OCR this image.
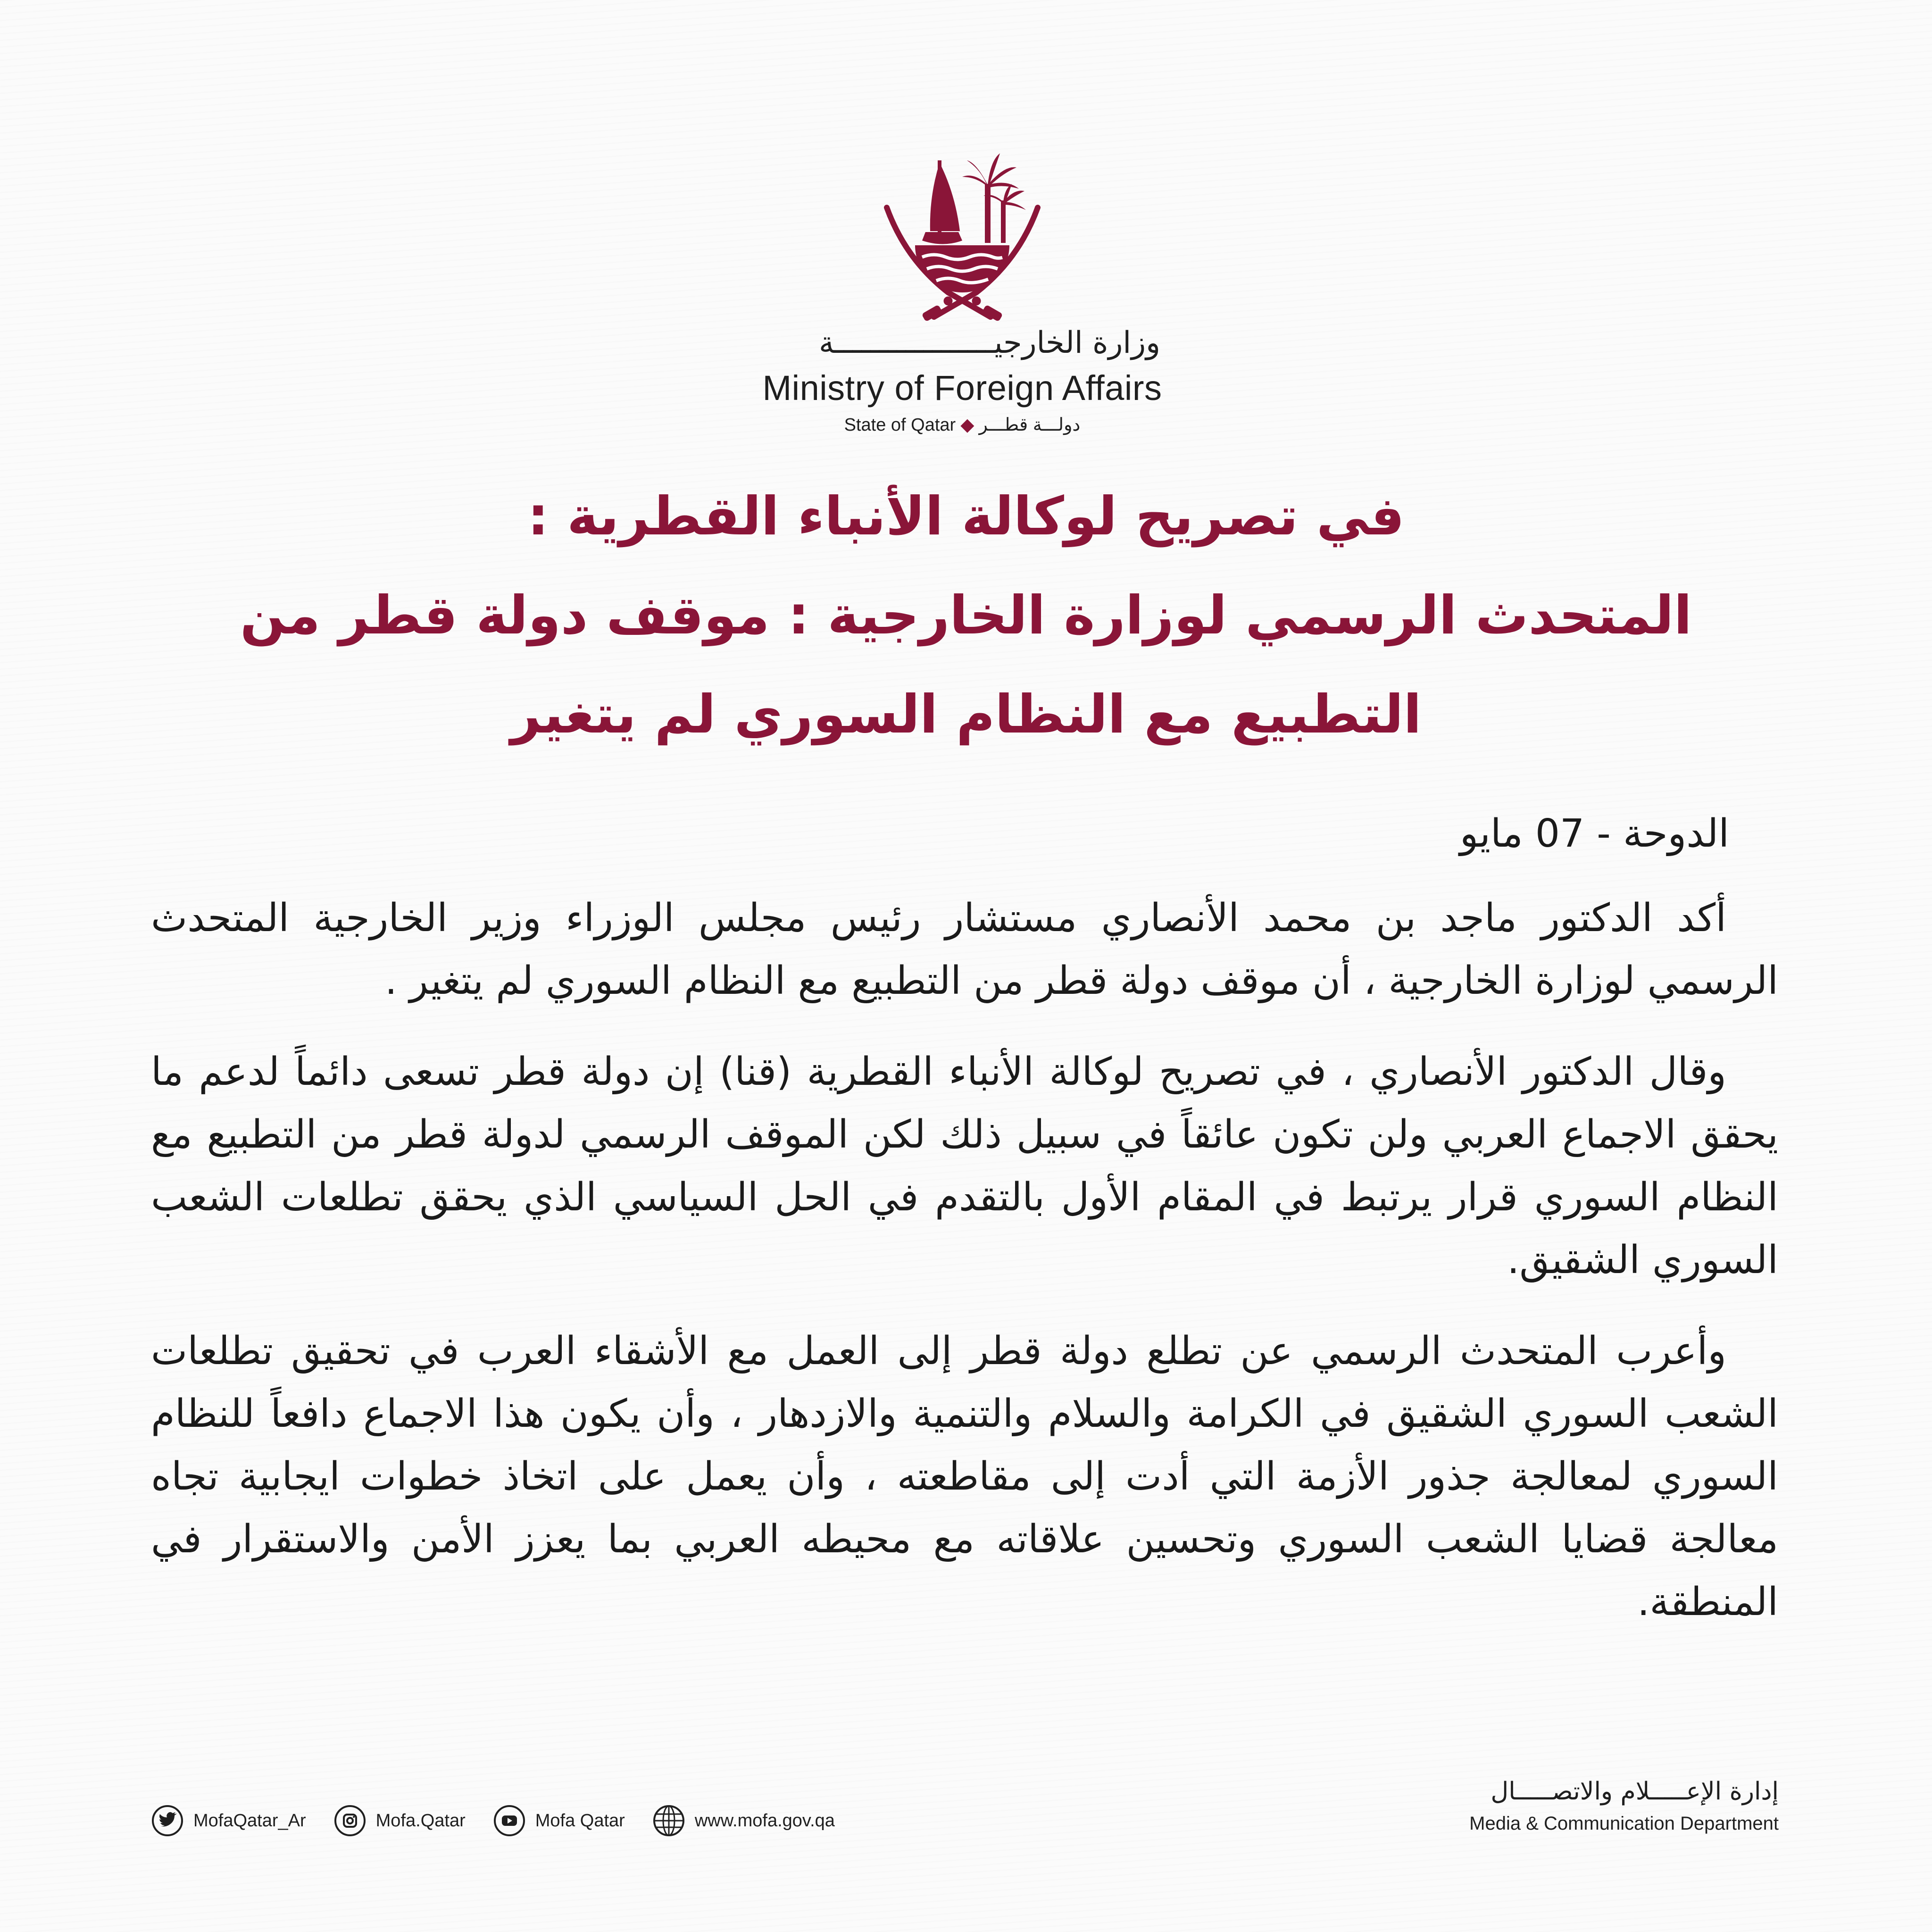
وزارة الخارجيــــــــــــــــــة
Ministry of Foreign Affairs
State of Qatar ◆ دولـــة قطـــر
في تصريح لوكالة الأنباء القطرية :
المتحدث الرسمي لوزارة الخارجية : موقف دولة قطر من
التطبيع مع النظام السوري لم يتغير
الدوحة - 07 مايو

أكد الدكتور ماجد بن محمد الأنصاري مستشار رئيس مجلس الوزراء وزير الخارجية المتحدث الرسمي لوزارة الخارجية ، أن موقف دولة قطر من التطبيع مع النظام السوري لم يتغير .

وقال الدكتور الأنصاري ، في تصريح لوكالة الأنباء القطرية (قنا) إن دولة قطر تسعى دائماً لدعم ما يحقق الاجماع العربي ولن تكون عائقاً في سبيل ذلك لكن الموقف الرسمي لدولة قطر من التطبيع مع النظام السوري قرار يرتبط في المقام الأول بالتقدم في الحل السياسي الذي يحقق تطلعات الشعب السوري الشقيق.

وأعرب المتحدث الرسمي عن تطلع دولة قطر إلى العمل مع الأشقاء العرب في تحقيق تطلعات الشعب السوري الشقيق في الكرامة والسلام والتنمية والازدهار ، وأن يكون هذا الاجماع دافعاً للنظام السوري لمعالجة جذور الأزمة التي أدت إلى مقاطعته ، وأن يعمل على اتخاذ خطوات ايجابية تجاه معالجة قضايا الشعب السوري وتحسين علاقاته مع محيطه العربي بما يعزز الأمن والاستقرار في المنطقة.

MofaQatar_Ar	Mofa.Qatar	Mofa Qatar	www.mofa.gov.qa
إدارة الإعـــــلام والاتصـــــال
Media & Communication Department
